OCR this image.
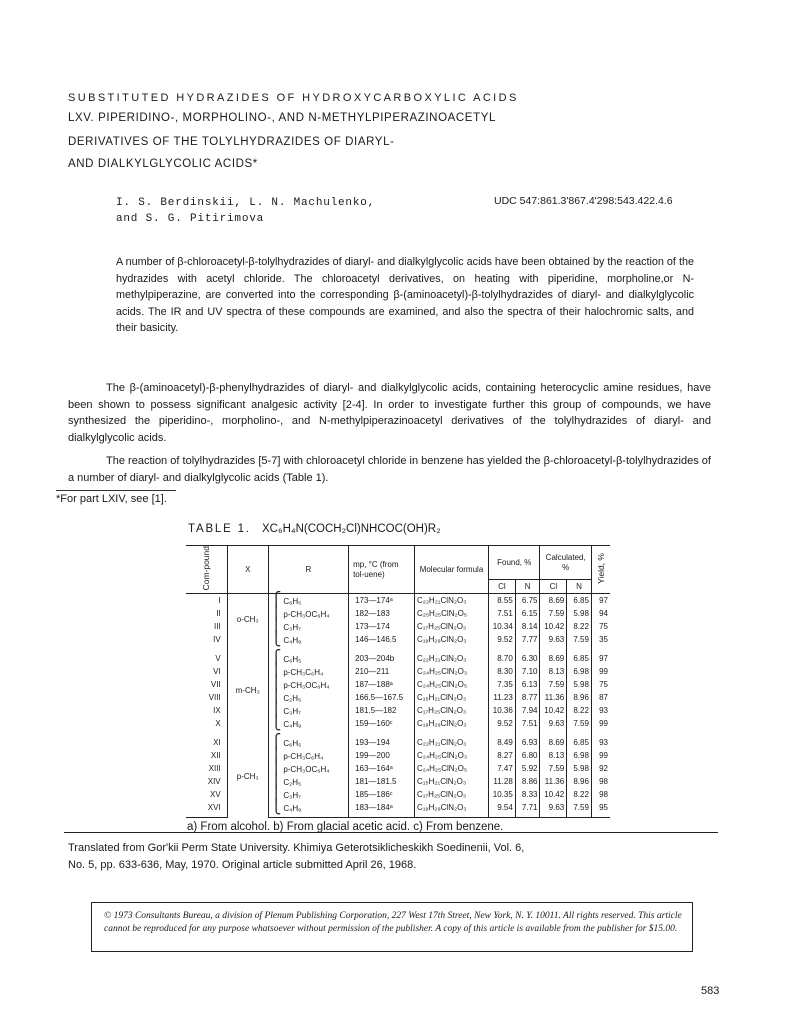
SUBSTITUTED HYDRAZIDES OF HYDROXYCARBOXYLIC ACIDS
LXV. PIPERIDINO-, MORPHOLINO-, AND N-METHYLPIPERAZINOACETYL
DERIVATIVES OF THE TOLYLHYDRAZIDES OF DIARYL-
AND DIALKYLGLYCOLIC ACIDS*
I. S. Berdinskii, L. N. Machulenko,
and S. G. Pitirimova
UDC 547:861.3'867.4'298:543.422.4.6
A number of β-chloroacetyl-β-tolylhydrazides of diaryl- and dialkylglycolic acids have been obtained by the reaction of the hydrazides with acetyl chloride. The chloroacetyl derivatives, on heating with piperidine, morpholine,or N-methylpiperazine, are converted into the corresponding β-(aminoacetyl)-β-tolylhydrazides of diaryl- and dialkylglycolic acids. The IR and UV spectra of these compounds are examined, and also the spectra of their halochromic salts, and their basicity.
The β-(aminoacetyl)-β-phenylhydrazides of diaryl- and dialkylglycolic acids, containing heterocyclic amine residues, have been shown to possess significant analgesic activity [2-4]. In order to investigate further this group of compounds, we have synthesized the piperidino-, morpholino-, and N-methylpiperazinoacetyl derivatives of the tolylhydrazides of diaryl- and dialkylglycolic acids.
The reaction of tolylhydrazides [5-7] with chloroacetyl chloride in benzene has yielded the β-chloroacetyl-β-tolylhydrazides of a number of diaryl- and dialkylglycolic acids (Table 1).
*For part LXIV, see [1].
TABLE 1. XC₆H₄N(COCH₂Cl)NHCOC(OH)R₂
Com-pound	X	R	mp, °C (from tol-uene)	Molecular formula	Found, %		Calculated, %		Yield, %
					Cl	N	Cl	N	
I	o-CH₃	⎧ C₆H₅	173—174ᵃ	C₂₂H₂₁ClN₂O₃	8.55	6.75	8.69	6.85	97
II		⎪ p-CH₃OC₆H₄	182—183	C₂₅H₂₅ClN₂O₅	7.51	6.15	7.59	5.98	94
III		⎪ C₃H₇	173—174	C₁₇H₂₅ClN₂O₃	10.34	8.14	10.42	8.22	75
IV		⎩ C₄H₉	146—146.5	C₁₉H₂₉ClN₂O₃	9.52	7.77	9.63	7.59	35
V	m-CH₃	⎧ C₆H₅	203—204b	C₂₂H₂₁ClN₂O₃	8.70	6.30	8.69	6.85	97
VI		⎪ p-CH₃C₆H₄	210—211	C₂₄H₂₅ClN₂O₃	8.30	7.10	8.13	6.98	99
VII		⎪ p-CH₃OC₆H₄	187—188ᵃ	C₂₄H₂₅ClN₂O₅	7.35	6.13	7.59	5.98	75
VIII		⎪ C₂H₅	166.5—167.5	C₁₅H₂₁ClN₂O₃	11.23	8.77	11.36	8.96	87
IX		⎪ C₃H₇	181.5—182	C₁₇H₂₅ClN₂O₃	10.36	7.94	10.42	8.22	93
X		⎩ C₄H₉	159—160ᶜ	C₁₉H₂₉ClN₂O₃	9.52	7.51	9.63	7.59	99
XI	p-CH₃	⎧ C₆H₅	193—194	C₂₂H₂₁ClN₂O₃	8.49	6.93	8.69	6.85	93
XII		⎪ p-CH₃C₆H₄	199—200	C₂₄H₂₅ClN₂O₃	8.27	6.80	8.13	6.98	99
XIII		⎪ p-CH₃OC₆H₄	163—164ᵃ	C₂₄H₂₅ClN₂O₅	7.47	5.92	7.59	5.98	92
XIV		⎪ C₂H₅	181—181.5	C₁₅H₂₁ClN₂O₃	11.28	8.86	11.36	8.96	98
XV		⎪ C₃H₇	185—186ᶜ	C₁₇H₂₅ClN₂O₃	10.35	8.33	10.42	8.22	98
XVI		⎩ C₄H₉	183—184ᵃ	C₁₉H₂₉ClN₂O₃	9.54	7.71	9.63	7.59	95
a) From alcohol. b) From glacial acetic acid. c) From benzene.
Translated from Gor'kii Perm State University. Khimiya Geterotsiklicheskikh Soedinenii, Vol. 6,
No. 5, pp. 633-636, May, 1970. Original article submitted April 26, 1968.
© 1973 Consultants Bureau, a division of Plenum Publishing Corporation, 227 West 17th Street, New York, N. Y. 10011. All rights reserved. This article cannot be reproduced for any purpose whatsoever without permission of the publisher. A copy of this article is available from the publisher for $15.00.
583
